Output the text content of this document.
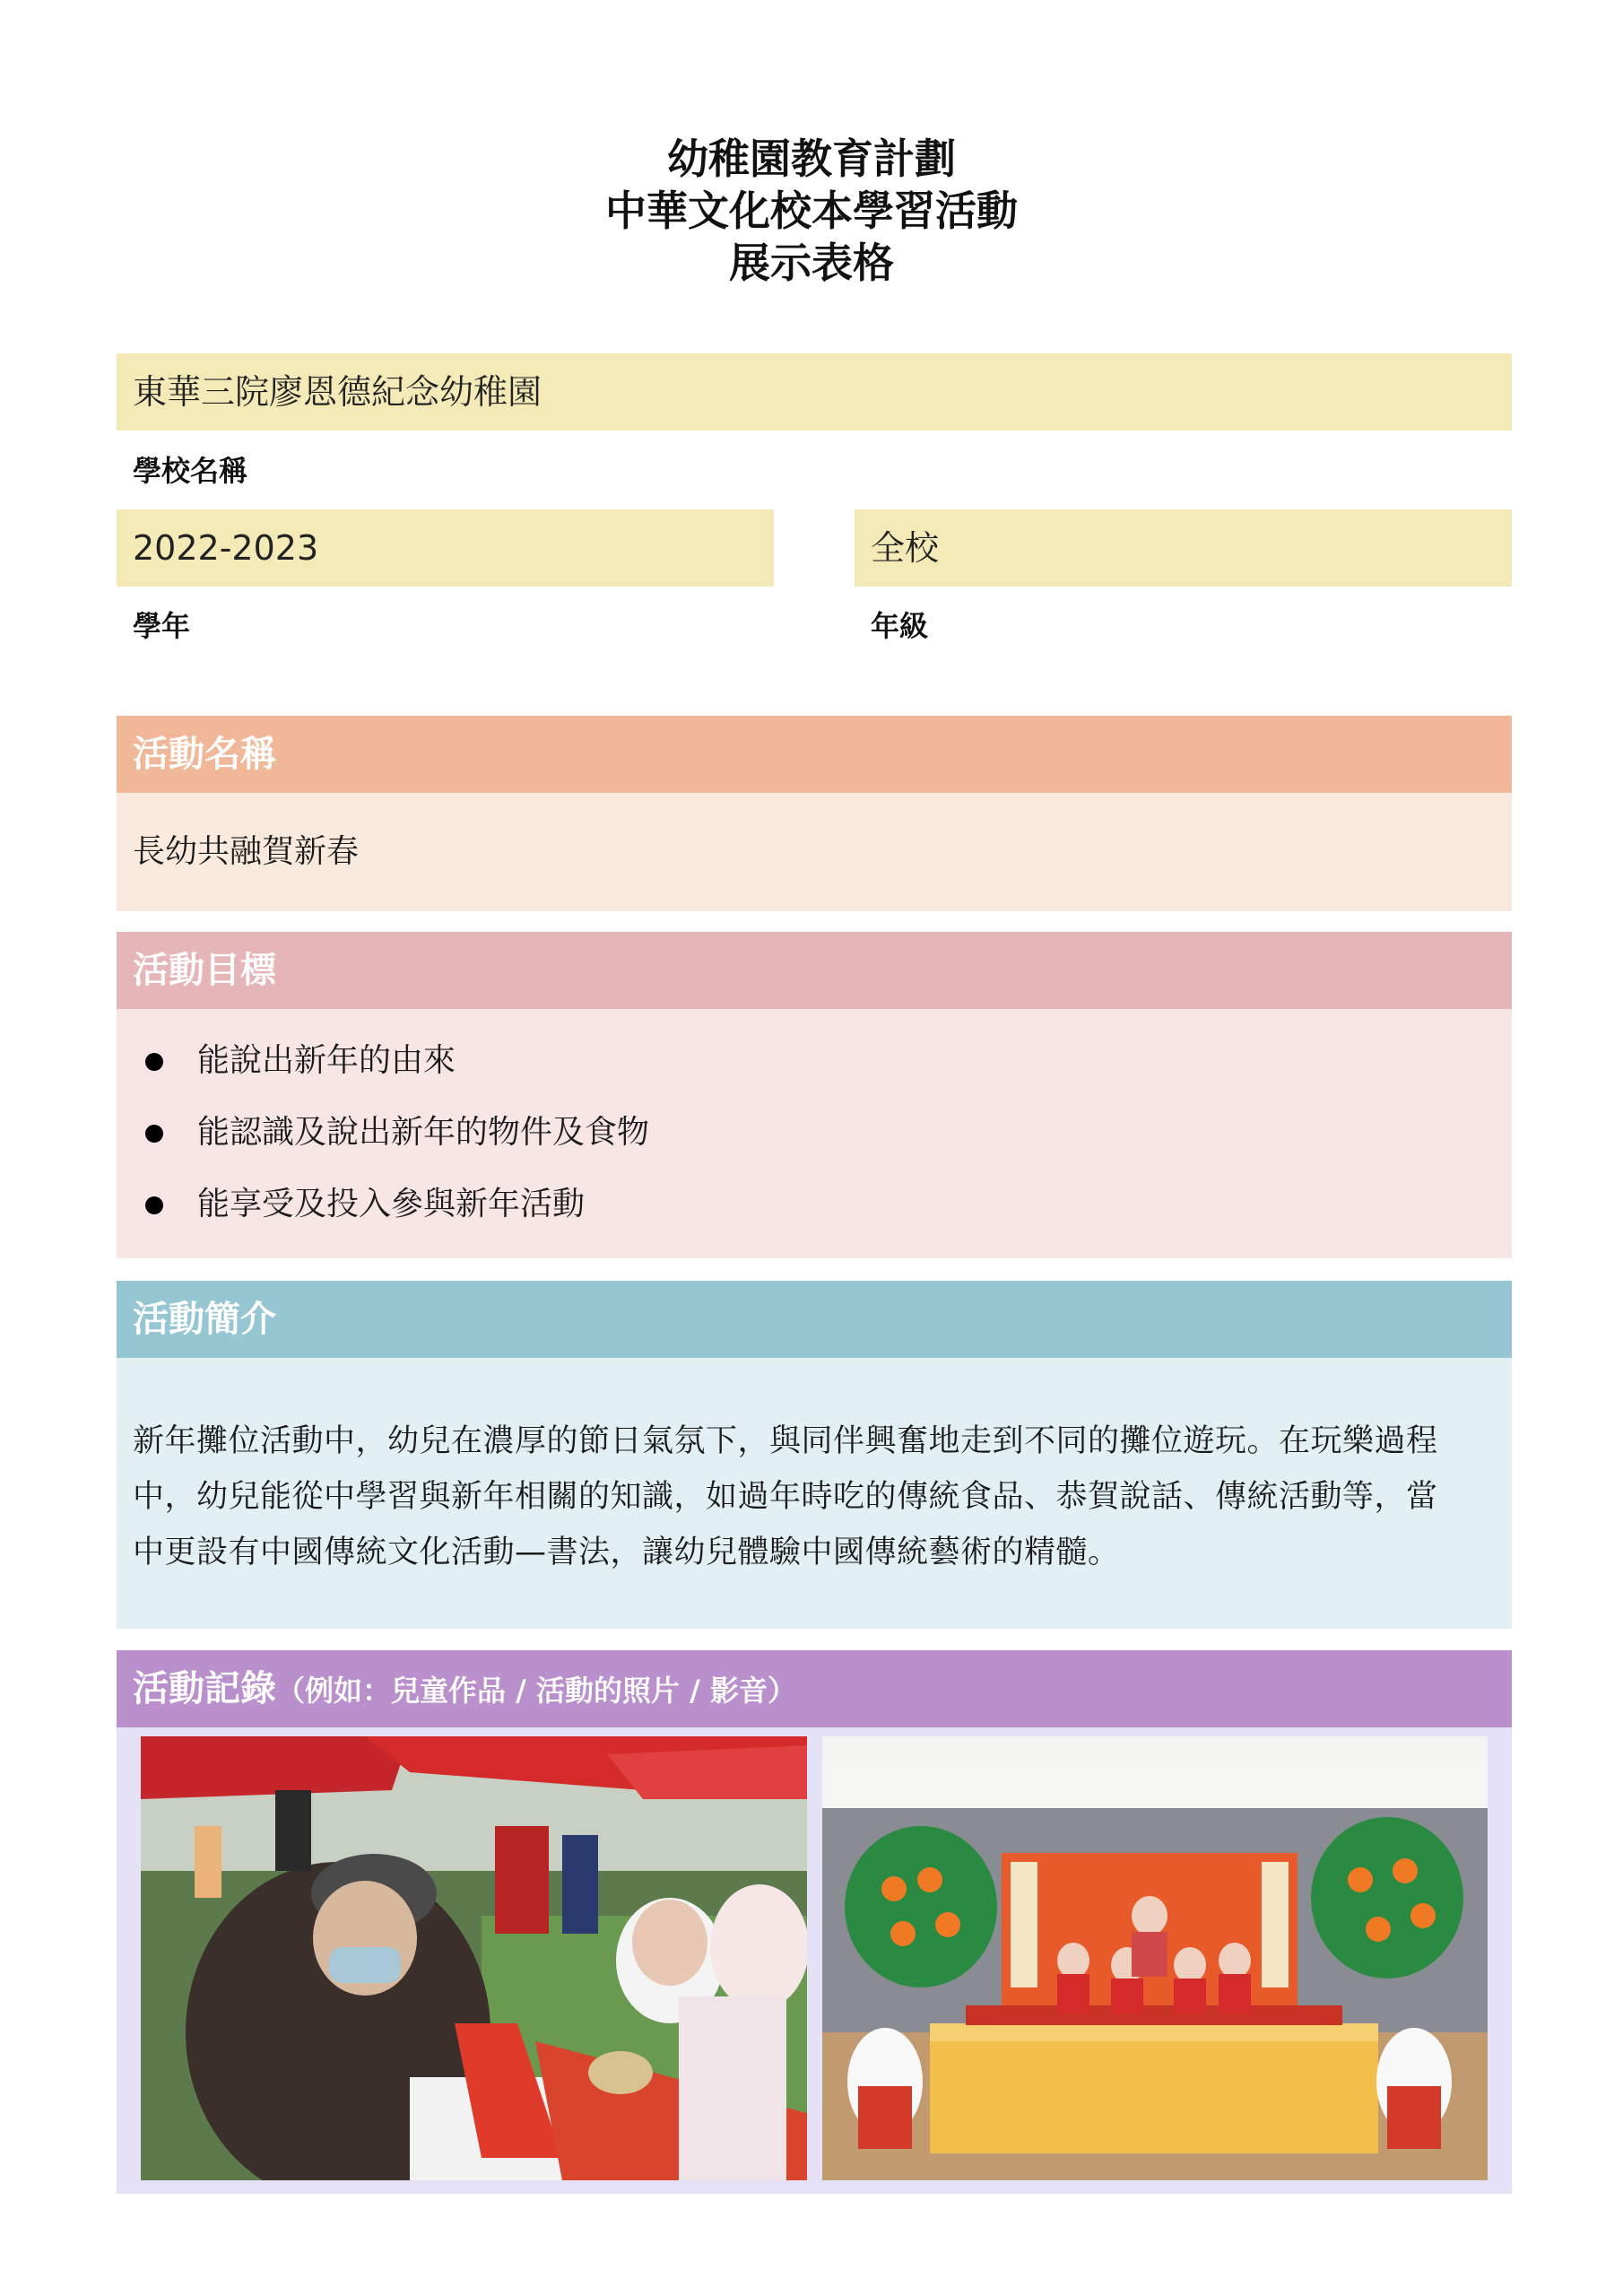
幼稚園教育計劃
中華文化校本學習活動
展示表格
東華三院廖恩德紀念幼稚園
學校名稱
2022-2023
學年
全校
年級
活動名稱
長幼共融賀新春
活動目標
能說出新年的由來
能認識及說出新年的物件及食物
能享受及投入參與新年活動
活動簡介
新年攤位活動中，幼兒在濃厚的節日氣氛下，與同伴興奮地走到不同的攤位遊玩。在玩樂過程
中，幼兒能從中學習與新年相關的知識，如過年時吃的傳統食品、恭賀說話、傳統活動等，當
中更設有中國傳統文化活動—書法，讓幼兒體驗中國傳統藝術的精髓。
活動記錄（例如：兒童作品 / 活動的照片 / 影音）
